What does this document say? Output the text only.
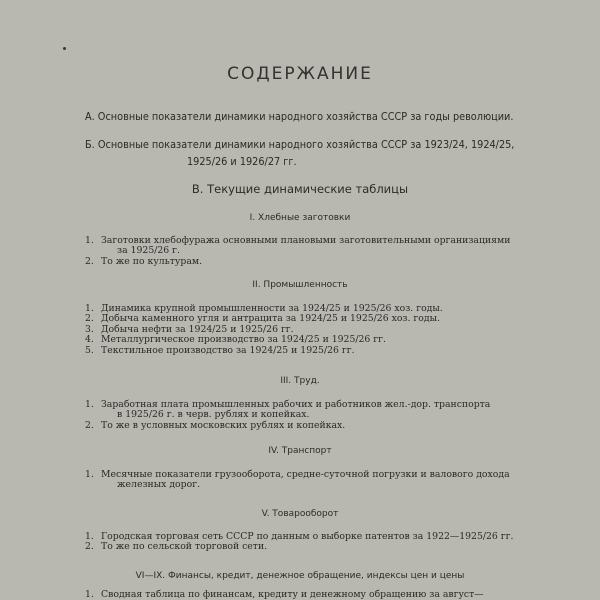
СОДЕРЖАНИЕ
А. Основные показатели динамики народного хозяйства СССР за годы революции.
Б. Основные показатели динамики народного хозяйства СССР за 1923/24, 1924/25,
1925/26 и 1926/27 гг.
В. Текущие динамические таблицы
I. Хлебные заготовки
1. Заготовки хлебофуража основными плановыми заготовительными организациями
за 1925/26 г.
2. То же по культурам.
II. Промышленность
1. Динамика крупной промышленности за 1924/25 и 1925/26 хоз. годы.
2. Добыча каменного угля и антрацита за 1924/25 и 1925/26 хоз. годы.
3. Добыча нефти за 1924/25 и 1925/26 гг.
4. Металлургическое производство за 1924/25 и 1925/26 гг.
5. Текстильное производство за 1924/25 и 1925/26 гг.
III. Труд.
1. Заработная плата промышленных рабочих и работников жел.-дор. транспорта
в 1925/26 г. в черв. рублях и копейках.
2. То же в условных московских рублях и копейках.
IV. Транспорт
1. Месячные показатели грузооборота, средне-суточной погрузки и валового дохода
железных дорог.
V. Товарооборот
1. Городская торговая сеть СССР по данным о выборке патентов за 1922—1925/26 гг.
2. То же по сельской торговой сети.
VI—IX. Финансы, кредит, денежное обращение, индексы цен и цены
1. Сводная таблица по финансам, кредиту и денежному обращению за август—
